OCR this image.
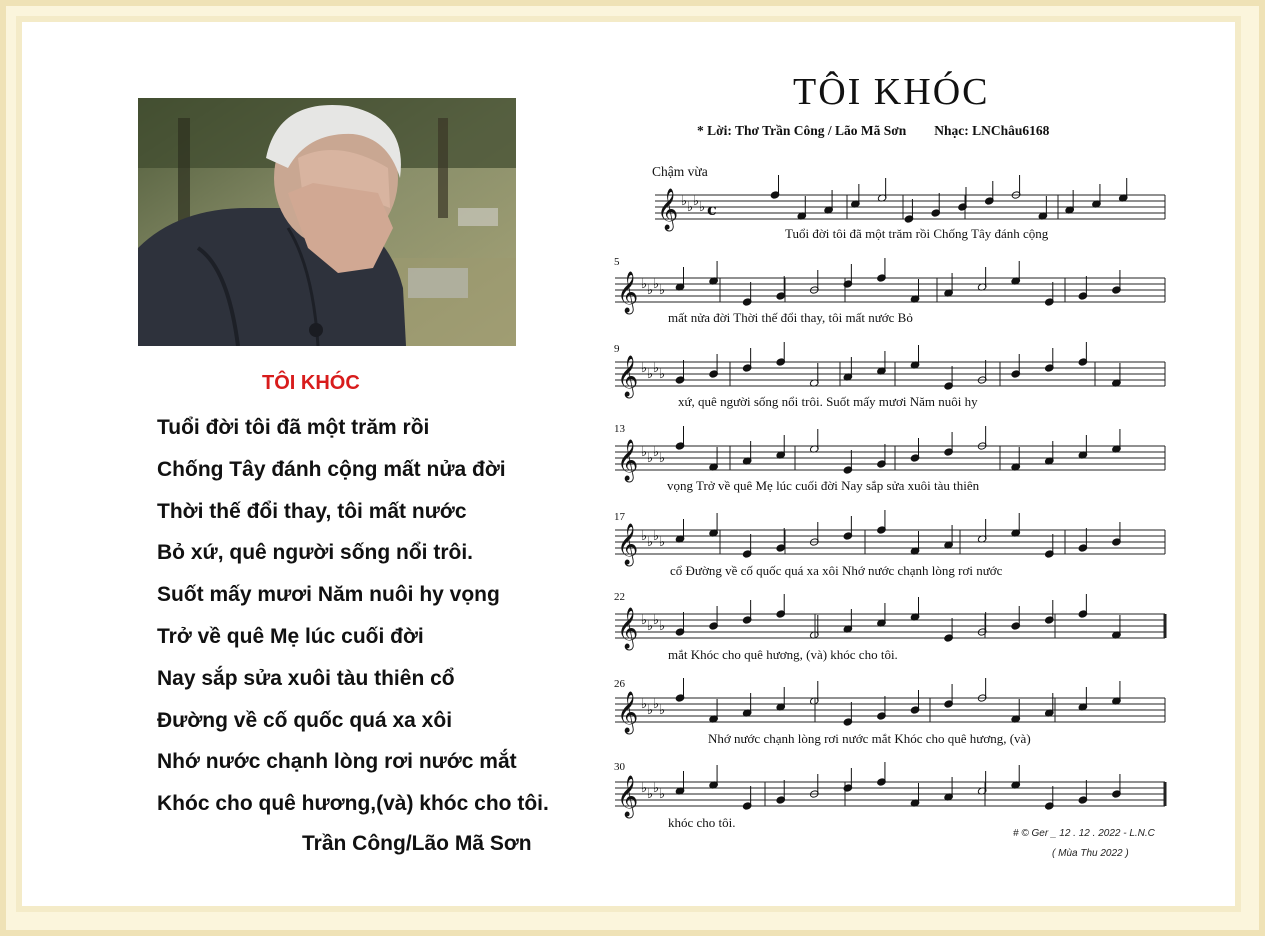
TÔI KHÓC
Tuổi đời tôi đã một trăm rồi
Chống Tây đánh cộng mất nửa đời
Thời thế đổi thay, tôi mất nước
Bỏ xứ, quê người sống nổi trôi.
Suốt mấy mươi Năm nuôi hy vọng
Trở về quê Mẹ lúc cuối đời
Nay sắp sửa xuôi tàu thiên cổ
Đường về cố quốc quá xa xôi
Nhớ nước chạnh lòng rơi nước mắt
Khóc cho quê hương,(và) khóc cho tôi.
Trần Công/Lão Mã Sơn
TÔI KHÓC
* Lời: Thơ Trần Công / Lão Mã Sơn Nhạc: LNChâu6168
Chậm vừa
𝄞 ♭ ♭ ♭ ♭ c
𝄞 ♭ ♭ ♭ ♭
𝄞 ♭ ♭ ♭ ♭
𝄞 ♭ ♭ ♭ ♭
𝄞 ♭ ♭ ♭ ♭
𝄞 ♭ ♭ ♭ ♭
𝄞 ♭ ♭ ♭ ♭
𝄞 ♭ ♭ ♭ ♭
Tuổi đời tôi đã một trăm rồi Chống Tây đánh cộng
5
mất nửa đời Thời thế đổi thay, tôi mất nước Bỏ
9
xứ, quê người sống nổi trôi. Suốt mấy mươi Năm nuôi hy
13
vọng Trở về quê Mẹ lúc cuối đời Nay sắp sửa xuôi tàu thiên
17
cổ Đường về cố quốc quá xa xôi Nhớ nước chạnh lòng rơi nước
22
mắt Khóc cho quê hương, (và) khóc cho tôi.
26
Nhớ nước chạnh lòng rơi nước mắt Khóc cho quê hương, (và)
30
khóc cho tôi.
# © Ger _ 12 . 12 . 2022 - L.N.C
( Mùa Thu 2022 )
